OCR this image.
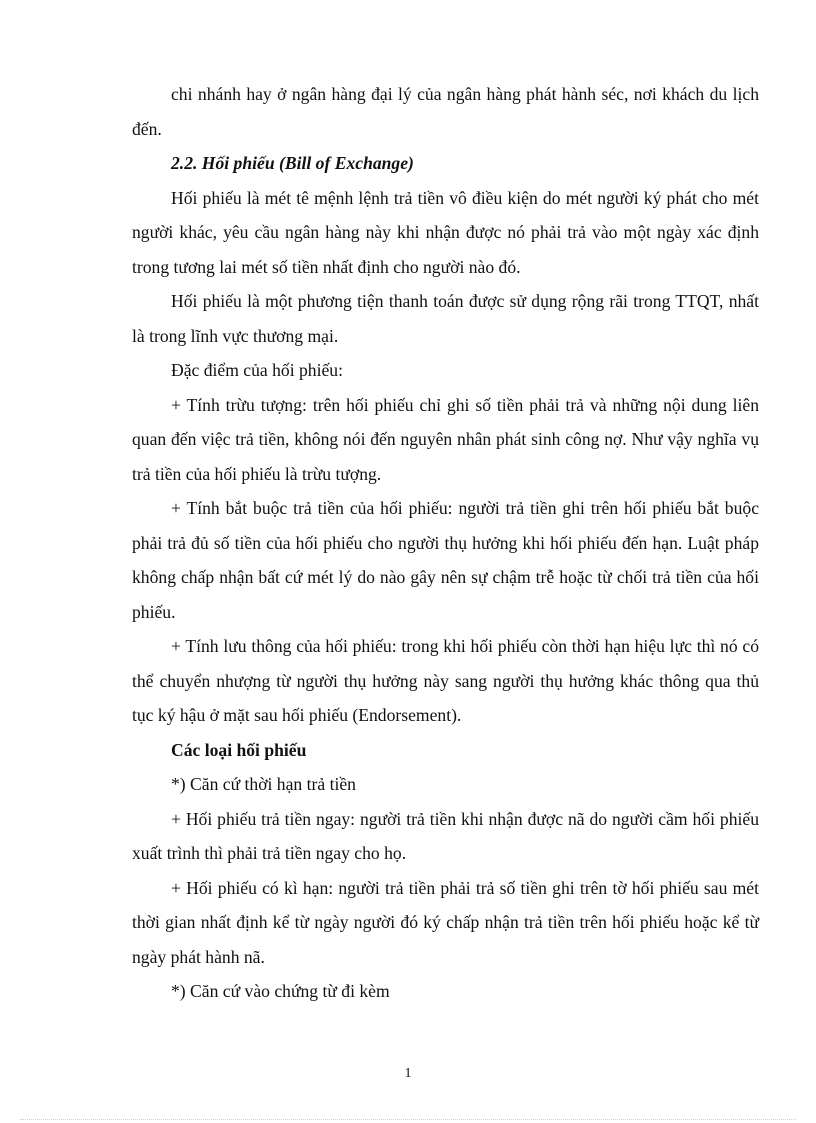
chi nhánh hay ở ngân hàng đại lý của ngân hàng phát hành séc, nơi khách du lịch đến.

2.2. Hối phiếu (Bill of Exchange)

Hối phiếu là mét tê mệnh lệnh trả tiền vô điều kiện do mét người ký phát cho mét người khác, yêu cầu ngân hàng này khi nhận được nó phải trả vào một ngày xác định trong tương lai mét số tiền nhất định cho người nào đó.

Hối phiếu là một phương tiện thanh toán được sử dụng rộng rãi trong TTQT, nhất là trong lĩnh vực thương mại.

Đặc điểm của hối phiếu:

+ Tính trừu tượng: trên hối phiếu chỉ ghi số tiền phải trả và những nội dung liên quan đến việc trả tiền, không nói đến nguyên nhân phát sinh công nợ. Như vậy nghĩa vụ trả tiền của hối phiếu là trừu tượng.

+ Tính bắt buộc trả tiền của hối phiếu: người trả tiền ghi trên hối phiếu bắt buộc phải trả đủ số tiền của hối phiếu cho người thụ hưởng khi hối phiếu đến hạn. Luật pháp không chấp nhận bất cứ mét lý do nào gây nên sự chậm trễ hoặc từ chối trả tiền của hối phiếu.

+ Tính lưu thông của hối phiếu: trong khi hối phiếu còn thời hạn hiệu lực thì nó có thể chuyển nhượng từ người thụ hưởng này sang người thụ hưởng khác thông qua thủ tục ký hậu ở mặt sau hối phiếu (Endorsement).

Các loại hối phiếu

*) Căn cứ thời hạn trả tiền

+ Hối phiếu trả tiền ngay: người trả tiền khi nhận được nã do người cầm hối phiếu xuất trình thì phải trả tiền ngay cho họ.

+ Hối phiếu có kì hạn: người trả tiền phải trả số tiền ghi trên tờ hối phiếu sau mét thời gian nhất định kể từ ngày người đó ký chấp nhận trả tiền trên hối phiếu hoặc kể từ ngày phát hành nã.

*) Căn cứ vào chứng từ đi kèm

1
